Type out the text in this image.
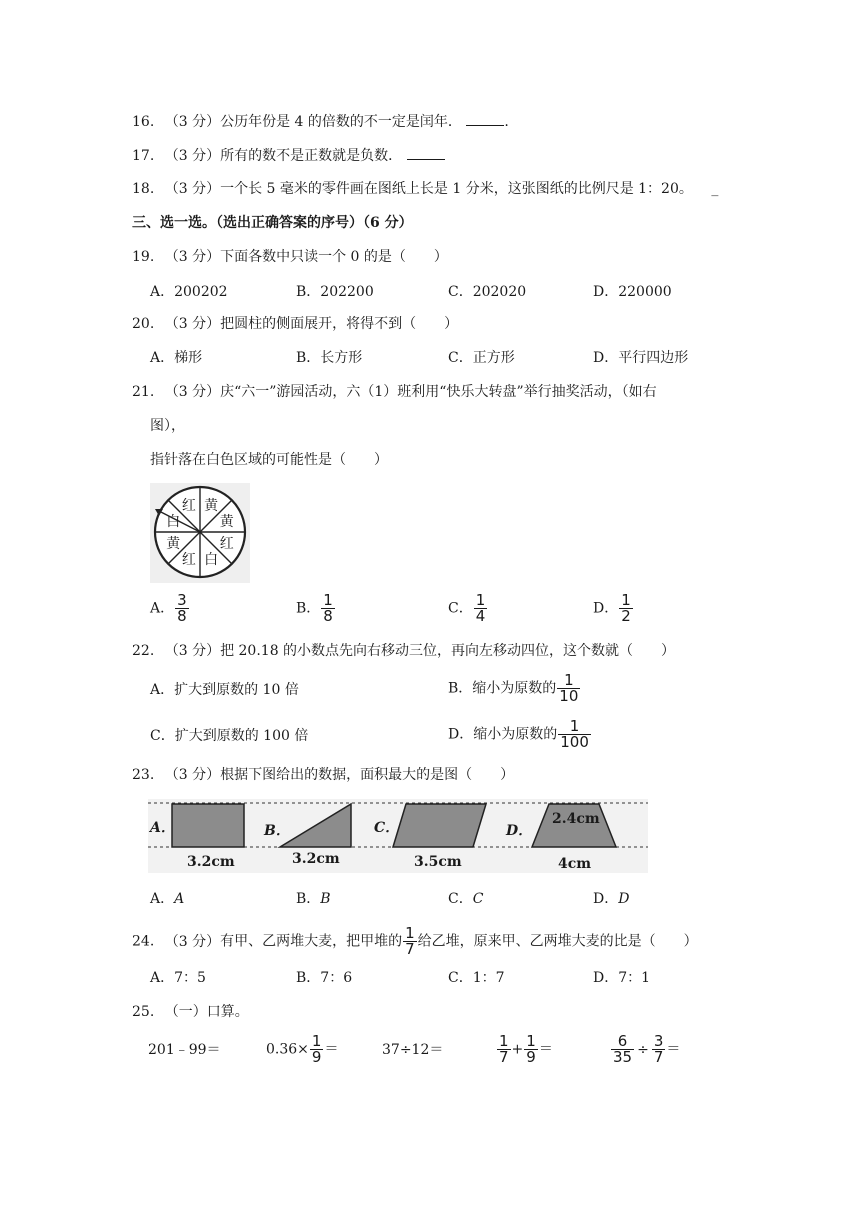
16. （3 分）公历年份是 4 的倍数的不一定是闰年．	.
17. （3 分）所有的数不是正数就是负数．
18. （3 分）一个长 5 毫米的零件画在图纸上长是 1 分米，这张图纸的比例尺是 1：20。 _
三、选一选。（选出正确答案的序号）（6 分）
19. （3 分）下面各数中只读一个 0 的是（　　）
A．200202	B．202200	C．202020	D．220000
20. （3 分）把圆柱的侧面展开，将得不到（　　）
A．梯形	B．长方形	C．正方形	D．平行四边形
21. （3 分）庆“六一”游园活动，六（1）班利用“快乐大转盘”举行抽奖活动，（如右
图），
指针落在白色区域的可能性是（　　）
红 黄
黄
红
白
红
黄
白
A． $\frac{3}{8}$	B． $\frac{1}{8}$	C． $\frac{1}{4}$	D． $\frac{1}{2}$
22. （3 分）把 20.18 的小数点先向右移动三位，再向左移动四位，这个数就（　　）
A．扩大到原数的 10 倍	B．缩小为原数的 $\frac{1}{10}$
C．扩大到原数的 100 倍	D．缩小为原数的 $\frac{1}{100}$
23. （3 分）根据下图给出的数据，面积最大的是图（　　）
A．	B．	C．	D．
3.2cm	3.2cm	3.5cm	4cm
2.4cm
A．A	B．B	C．C	D．D
24. （3 分）有甲、乙两堆大麦，把甲堆的 $\frac{1}{7}$ 给乙堆，原来甲、乙两堆大麦的比是（　　）
A．7：5	B．7：6	C．1：7	D．7：1
25. （一）口算。
201﹣99＝	$0.36\times \frac{1}{9}$ ＝	37÷12＝	$\frac{1}{7} + \frac{1}{9}$ ＝	$\frac{6}{35} \div \frac{3}{7}$ ＝
